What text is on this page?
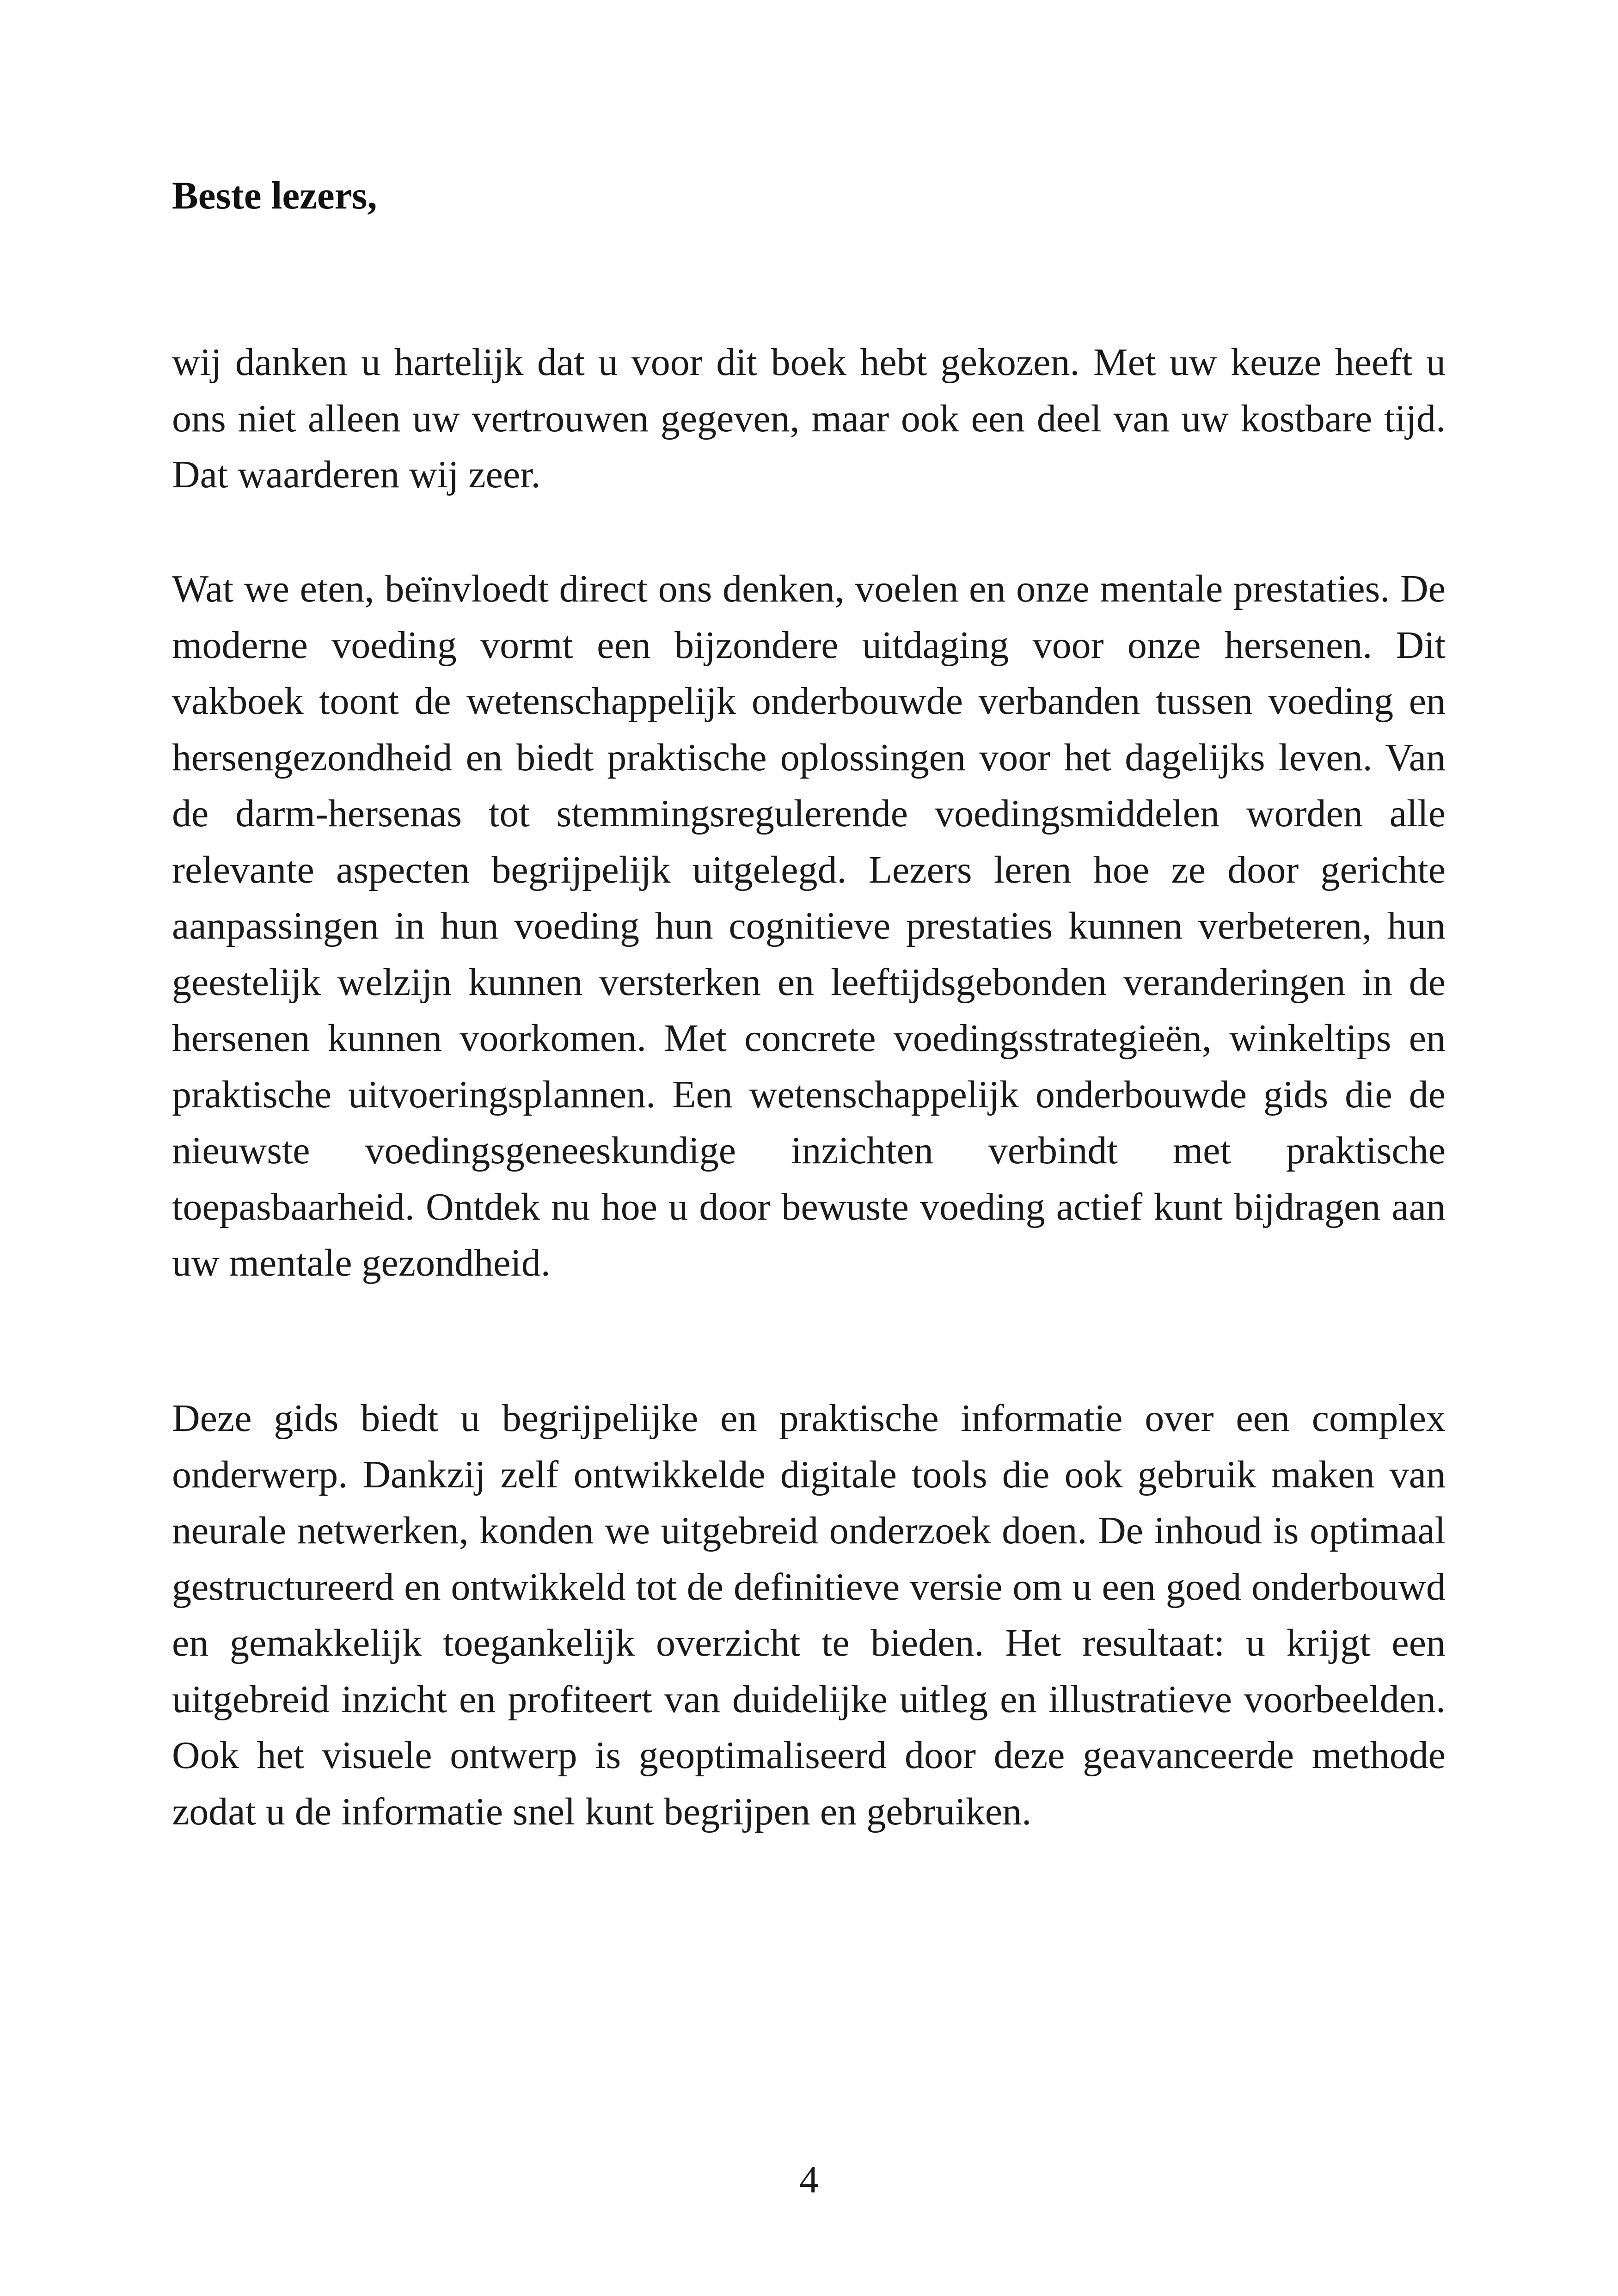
Beste lezers,

wij danken u hartelijk dat u voor dit boek hebt gekozen. Met uw keuze heeft u ons niet alleen uw vertrouwen gegeven, maar ook een deel van uw kostbare tijd. Dat waarderen wij zeer.

Wat we eten, beïnvloedt direct ons denken, voelen en onze mentale prestaties. De moderne voeding vormt een bijzondere uitdaging voor onze hersenen. Dit vakboek toont de wetenschappelijk onderbouwde verbanden tussen voeding en hersengezondheid en biedt praktische oplossingen voor het dagelijks leven. Van de darm-hersenas tot stemmingsregulerende voedingsmiddelen worden alle relevante aspecten begrijpelijk uitgelegd. Lezers leren hoe ze door gerichte aanpassingen in hun voeding hun cognitieve prestaties kunnen verbeteren, hun geestelijk welzijn kunnen versterken en leeftijdsgebonden veranderingen in de hersenen kunnen voorkomen. Met concrete voedingsstrategieën, winkeltips en praktische uitvoeringsplannen. Een wetenschappelijk onderbouwde gids die de nieuwste voedingsgeneeskundige inzichten verbindt met praktische toepasbaarheid. Ontdek nu hoe u door bewuste voeding actief kunt bijdragen aan uw mentale gezondheid.

Deze gids biedt u begrijpelijke en praktische informatie over een complex onderwerp. Dankzij zelf ontwikkelde digitale tools die ook gebruik maken van neurale netwerken, konden we uitgebreid onderzoek doen. De inhoud is optimaal gestructureerd en ontwikkeld tot de definitieve versie om u een goed onderbouwd en gemakkelijk toegankelijk overzicht te bieden. Het resultaat: u krijgt een uitgebreid inzicht en profiteert van duidelijke uitleg en illustratieve voorbeelden. Ook het visuele ontwerp is geoptimaliseerd door deze geavanceerde methode zodat u de informatie snel kunt begrijpen en gebruiken.

4
